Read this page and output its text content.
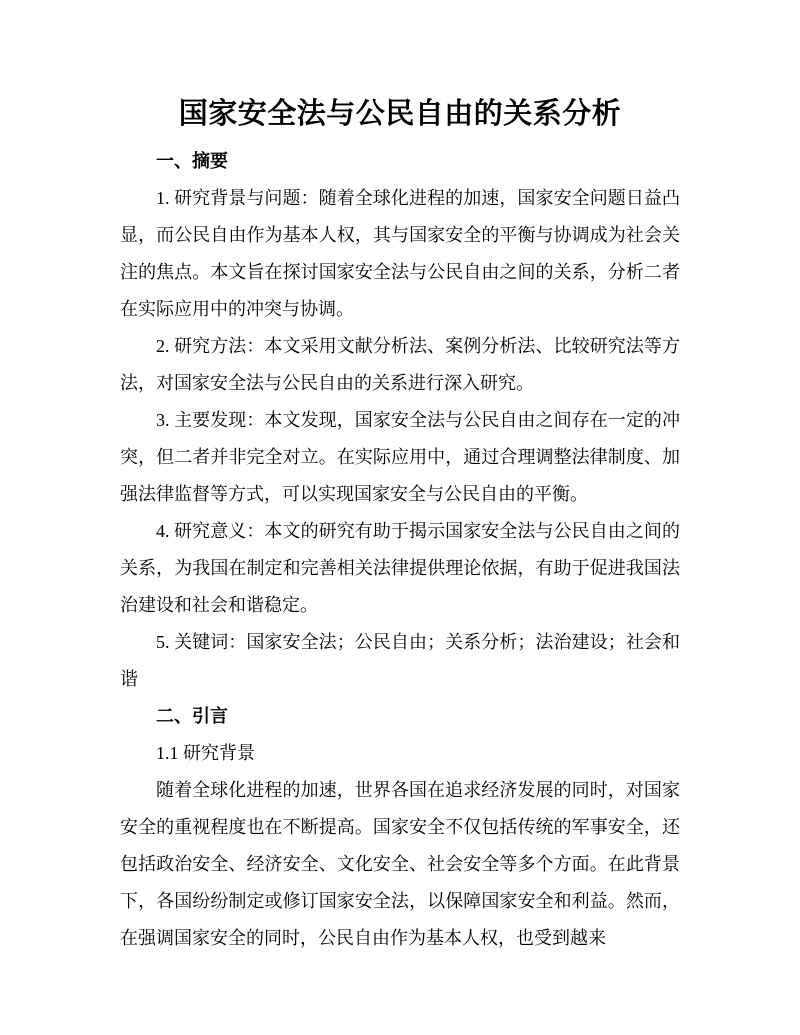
国家安全法与公民自由的关系分析

一、摘要

1. 研究背景与问题：随着全球化进程的加速，国家安全问题日益凸显，而公民自由作为基本人权，其与国家安全的平衡与协调成为社会关注的焦点。本文旨在探讨国家安全法与公民自由之间的关系，分析二者在实际应用中的冲突与协调。

2. 研究方法：本文采用文献分析法、案例分析法、比较研究法等方法，对国家安全法与公民自由的关系进行深入研究。

3. 主要发现：本文发现，国家安全法与公民自由之间存在一定的冲突，但二者并非完全对立。在实际应用中，通过合理调整法律制度、加强法律监督等方式，可以实现国家安全与公民自由的平衡。

4. 研究意义：本文的研究有助于揭示国家安全法与公民自由之间的关系，为我国在制定和完善相关法律提供理论依据，有助于促进我国法治建设和社会和谐稳定。

5. 关键词：国家安全法；公民自由；关系分析；法治建设；社会和谐

二、引言

1.1 研究背景

随着全球化进程的加速，世界各国在追求经济发展的同时，对国家安全的重视程度也在不断提高。国家安全不仅包括传统的军事安全，还包括政治安全、经济安全、文化安全、社会安全等多个方面。在此背景下，各国纷纷制定或修订国家安全法，以保障国家安全和利益。然而，在强调国家安全的同时，公民自由作为基本人权，也受到越来
